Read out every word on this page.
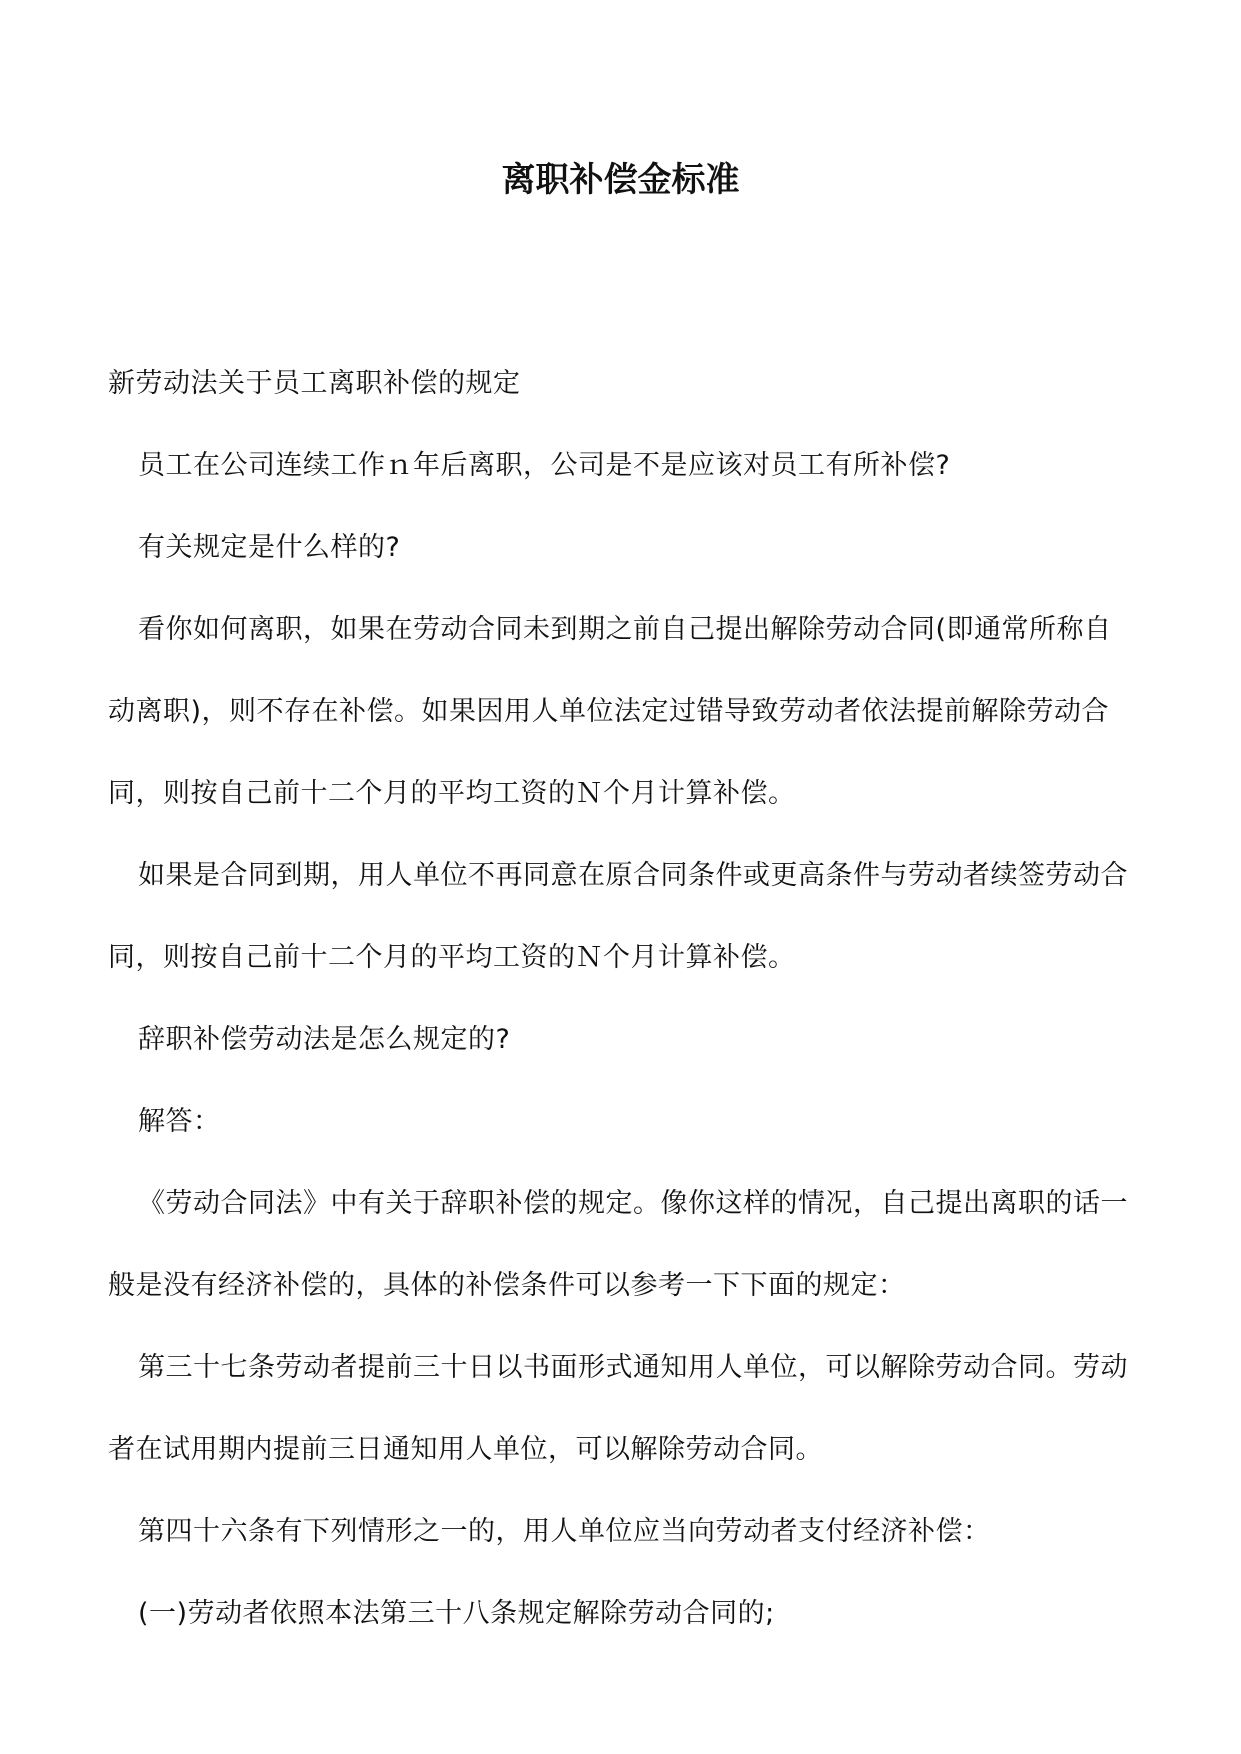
离职补偿金标准

新劳动法关于员工离职补偿的规定

员工在公司连续工作ｎ年后离职，公司是不是应该对员工有所补偿?

有关规定是什么样的?

看你如何离职，如果在劳动合同未到期之前自己提出解除劳动合同(即通常所称自动离职)，则不存在补偿。如果因用人单位法定过错导致劳动者依法提前解除劳动合同，则按自己前十二个月的平均工资的Ｎ个月计算补偿。

如果是合同到期，用人单位不再同意在原合同条件或更高条件与劳动者续签劳动合同，则按自己前十二个月的平均工资的Ｎ个月计算补偿。

辞职补偿劳动法是怎么规定的?

解答：

《劳动合同法》中有关于辞职补偿的规定。像你这样的情况，自己提出离职的话一般是没有经济补偿的，具体的补偿条件可以参考一下下面的规定：

第三十七条劳动者提前三十日以书面形式通知用人单位，可以解除劳动合同。劳动者在试用期内提前三日通知用人单位，可以解除劳动合同。

第四十六条有下列情形之一的，用人单位应当向劳动者支付经济补偿：

(一)劳动者依照本法第三十八条规定解除劳动合同的;
